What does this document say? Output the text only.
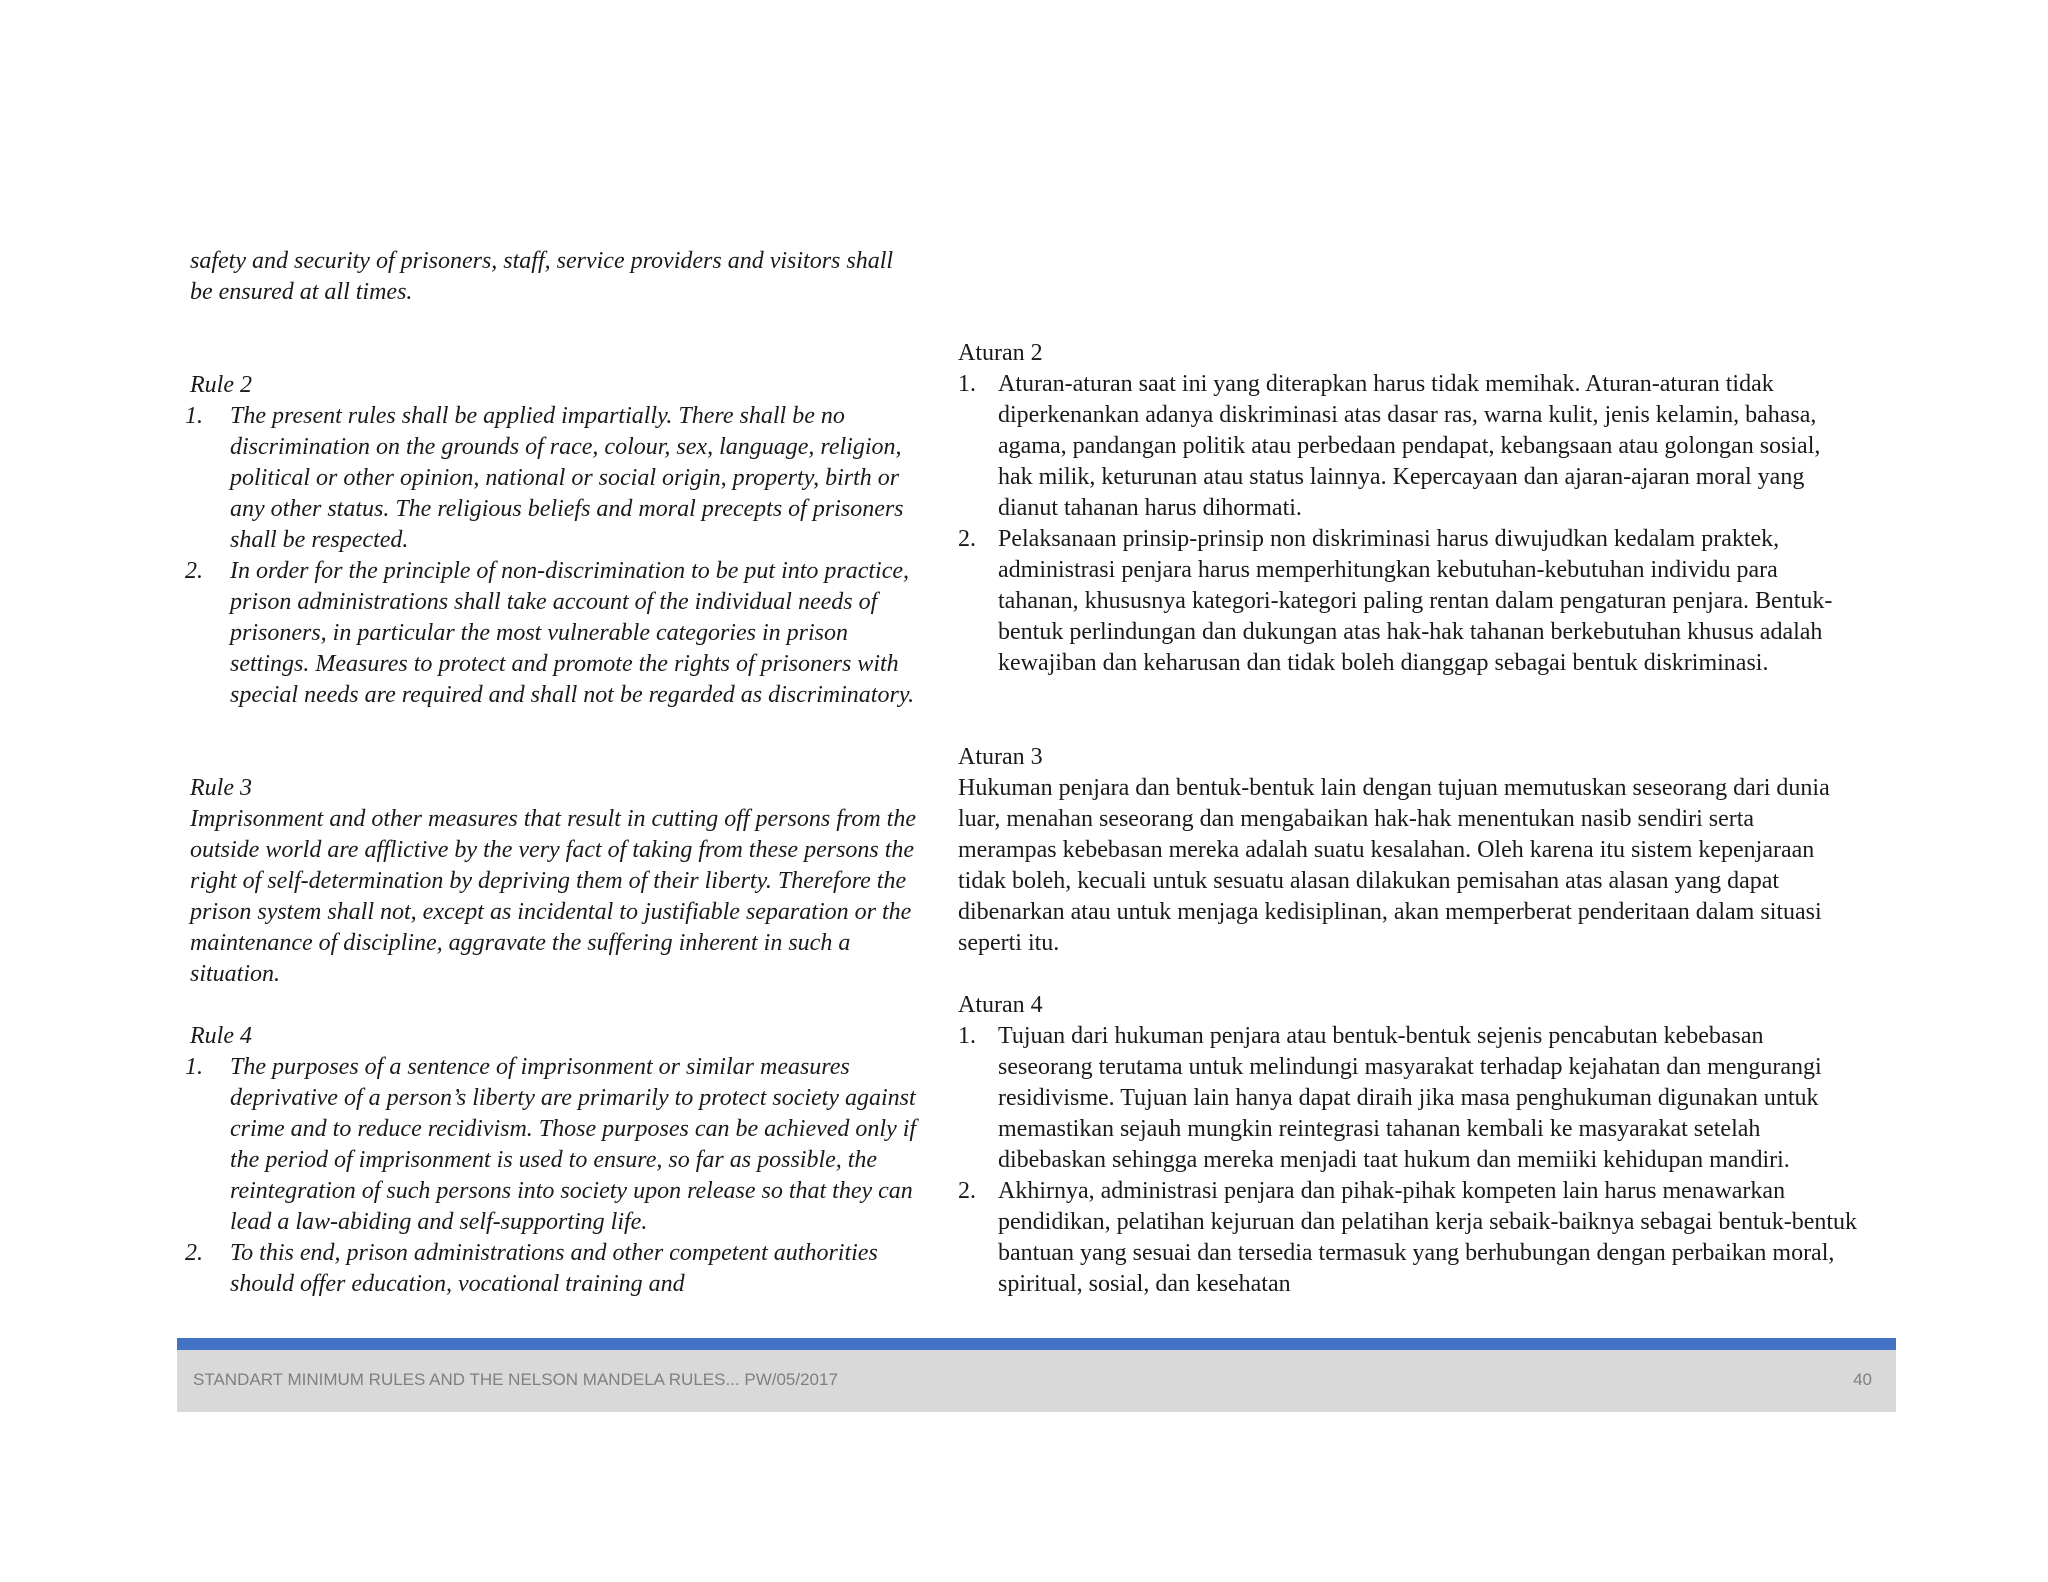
safety and security of prisoners, staff, service providers and visitors shall be ensured at all times.

Rule 2

1. The present rules shall be applied impartially. There shall be no discrimination on the grounds of race, colour, sex, language, religion, political or other opinion, national or social origin, property, birth or any other status. The religious beliefs and moral precepts of prisoners shall be respected.
2. In order for the principle of non-discrimination to be put into practice, prison administrations shall take account of the individual needs of prisoners, in particular the most vulnerable categories in prison settings. Measures to protect and promote the rights of prisoners with special needs are required and shall not be regarded as discriminatory.

Rule 3

Imprisonment and other measures that result in cutting off persons from the outside world are afflictive by the very fact of taking from these persons the right of self-determination by depriving them of their liberty. Therefore the prison system shall not, except as incidental to justifiable separation or the maintenance of discipline, aggravate the suffering inherent in such a situation.

Rule 4

1. The purposes of a sentence of imprisonment or similar measures deprivative of a person’s liberty are primarily to protect society against crime and to reduce recidivism. Those purposes can be achieved only if the period of imprisonment is used to ensure, so far as possible, the reintegration of such persons into society upon release so that they can lead a law-abiding and self-supporting life.
2. To this end, prison administrations and other competent authorities should offer education, vocational training and

Aturan 2

1. Aturan-aturan saat ini yang diterapkan harus tidak memihak. Aturan-aturan tidak diperkenankan adanya diskriminasi atas dasar ras, warna kulit, jenis kelamin, bahasa, agama, pandangan politik atau perbedaan pendapat, kebangsaan atau golongan sosial, hak milik, keturunan atau status lainnya. Kepercayaan dan ajaran-ajaran moral yang dianut tahanan harus dihormati.
2. Pelaksanaan prinsip-prinsip non diskriminasi harus diwujudkan kedalam praktek, administrasi penjara harus memperhitungkan kebutuhan-kebutuhan individu para tahanan, khususnya kategori-kategori paling rentan dalam pengaturan penjara. Bentuk-bentuk perlindungan dan dukungan atas hak-hak tahanan berkebutuhan khusus adalah kewajiban dan keharusan dan tidak boleh dianggap sebagai bentuk diskriminasi.

Aturan 3

Hukuman penjara dan bentuk-bentuk lain dengan tujuan memutuskan seseorang dari dunia luar, menahan seseorang dan mengabaikan hak-hak menentukan nasib sendiri serta merampas kebebasan mereka adalah suatu kesalahan. Oleh karena itu sistem kepenjaraan tidak boleh, kecuali untuk sesuatu alasan dilakukan pemisahan atas alasan yang dapat dibenarkan atau untuk menjaga kedisiplinan, akan memperberat penderitaan dalam situasi seperti itu.

Aturan 4

1. Tujuan dari hukuman penjara atau bentuk-bentuk sejenis pencabutan kebebasan seseorang terutama untuk melindungi masyarakat terhadap kejahatan dan mengurangi residivisme. Tujuan lain hanya dapat diraih jika masa penghukuman digunakan untuk memastikan sejauh mungkin reintegrasi tahanan kembali ke masyarakat setelah dibebaskan sehingga mereka menjadi taat hukum dan memiiki kehidupan mandiri.
2. Akhirnya, administrasi penjara dan pihak-pihak kompeten lain harus menawarkan pendidikan, pelatihan kejuruan dan pelatihan kerja sebaik-baiknya sebagai bentuk-bentuk bantuan yang sesuai dan tersedia termasuk yang berhubungan dengan perbaikan moral, spiritual, sosial, dan kesehatan
STANDART MINIMUM RULES AND THE NELSON MANDELA RULES... PW/05/2017	40
